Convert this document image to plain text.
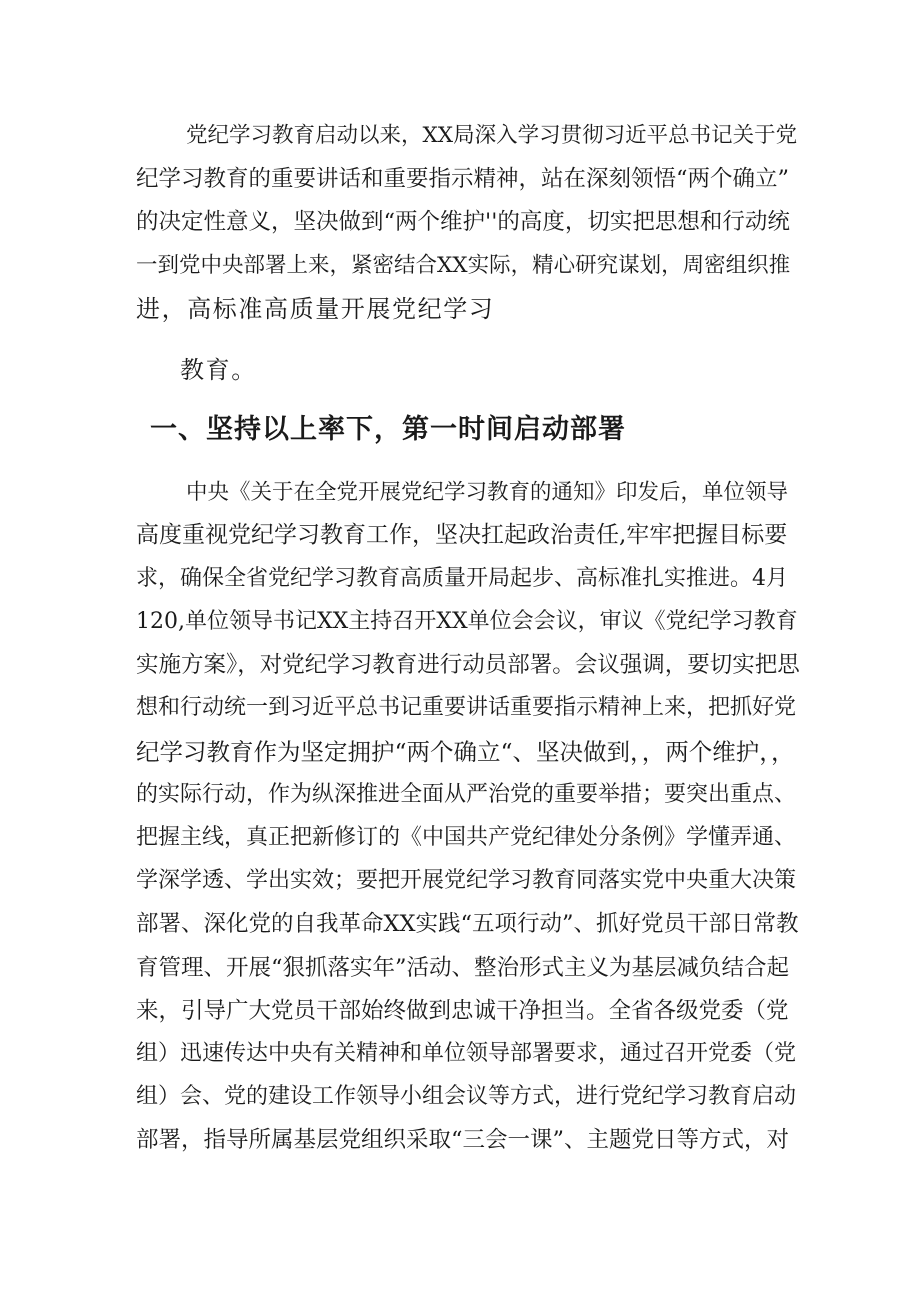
党纪学习教育启动以来，XX局深入学习贯彻习近平总书记关于党
纪学习教育的重要讲话和重要指示精神，站在深刻领悟“两个确立”
的决定性意义，坚决做到“两个维护''的高度，切实把思想和行动统
一到党中央部署上来，紧密结合XX实际，精心研究谋划，周密组织推
进，高标准高质量开展党纪学习
教育。
一、坚持以上率下，第一时间启动部署
中央《关于在全党开展党纪学习教育的通知》印发后，单位领导
高度重视党纪学习教育工作，坚决扛起政治责任,牢牢把握目标要
求，确保全省党纪学习教育高质量开局起步、高标准扎实推进。4月
120,单位领导书记XX主持召开XX单位会会议，审议《党纪学习教育
实施方案》，对党纪学习教育进行动员部署。会议强调，要切实把思
想和行动统一到习近平总书记重要讲话重要指示精神上来，把抓好党
纪学习教育作为坚定拥护“两个确立“、坚决做到，，两个维护，，
的实际行动，作为纵深推进全面从严治党的重要举措；要突出重点、
把握主线，真正把新修订的《中国共产党纪律处分条例》学懂弄通、
学深学透、学出实效；要把开展党纪学习教育同落实党中央重大决策
部署、深化党的自我革命XX实践“五项行动”、抓好党员干部日常教
育管理、开展“狠抓落实年”活动、整治形式主义为基层减负结合起
来，引导广大党员干部始终做到忠诚干净担当。全省各级党委（党
组）迅速传达中央有关精神和单位领导部署要求，通过召开党委（党
组）会、党的建设工作领导小组会议等方式，进行党纪学习教育启动
部署，指导所属基层党组织采取“三会一课”、主题党日等方式，对
